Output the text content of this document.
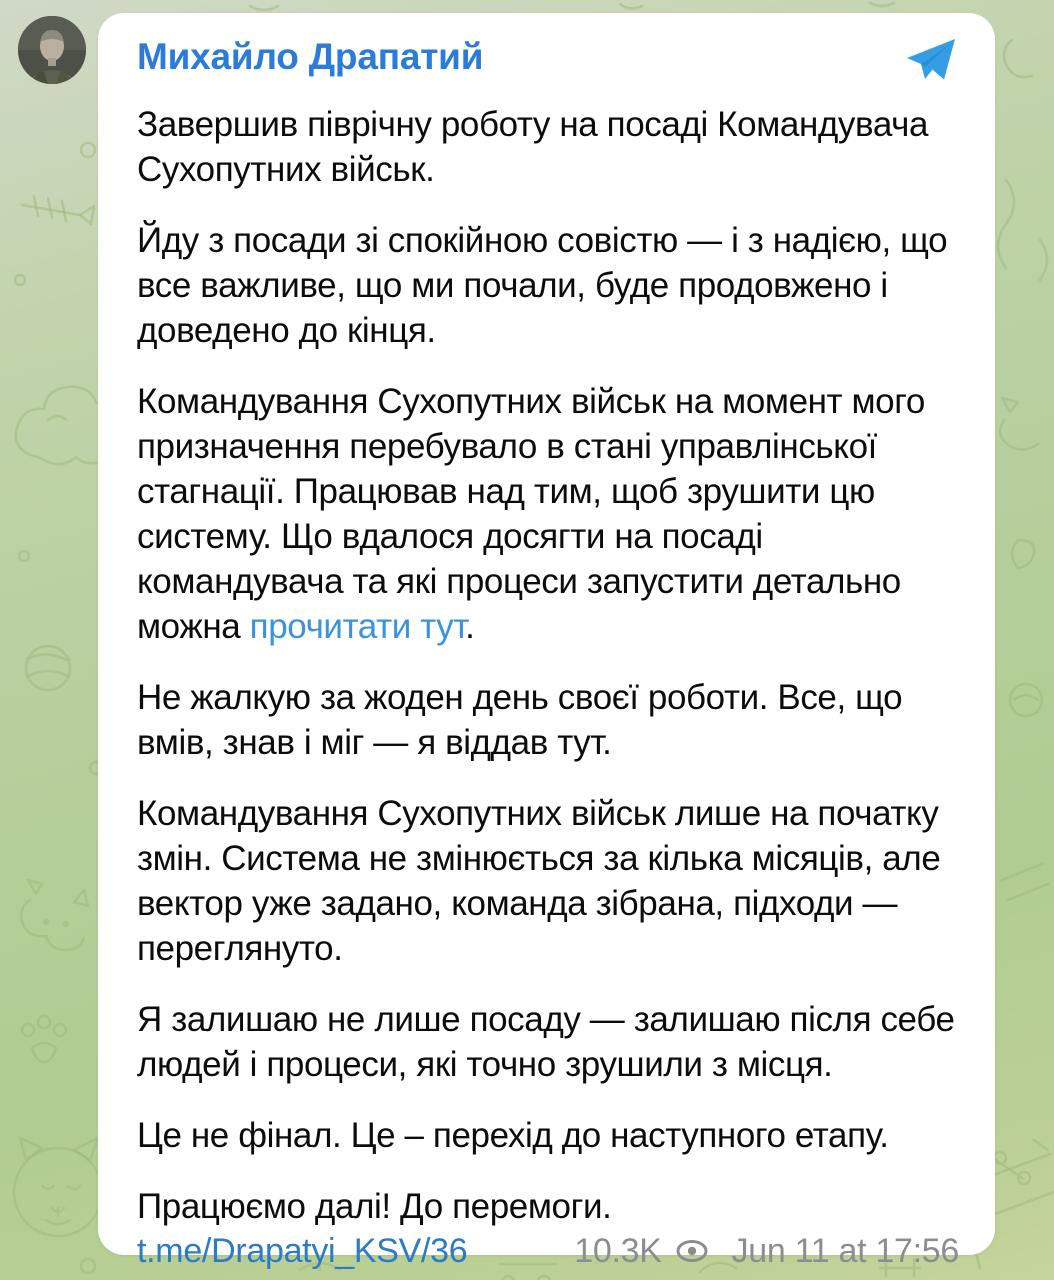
Михайло Драпатий

Завершив піврічну роботу на посаді Командувача Сухопутних військ.

Йду з посади зі спокійною совістю — і з надією, що все важливе, що ми почали, буде продовжено і доведено до кінця.

Командування Сухопутних військ на момент мого призначення перебувало в стані управлінської стагнації. Працював над тим, щоб зрушити цю систему. Що вдалося досягти на посаді командувача та які процеси запустити детально можна прочитати тут.

Не жалкую за жоден день своєї роботи. Все, що вмів, знав і міг — я віддав тут.

Командування Сухопутних військ лише на початку змін. Система не змінюється за кілька місяців, але вектор уже задано, команда зібрана, підходи — переглянуто.

Я залишаю не лише посаду — залишаю після себе людей і процеси, які точно зрушили з місця.

Це не фінал. Це – перехід до наступного етапу.

Працюємо далі! До перемоги.

t.me/Drapatyi_KSV/36	10.3K Jun 11 at 17:56
